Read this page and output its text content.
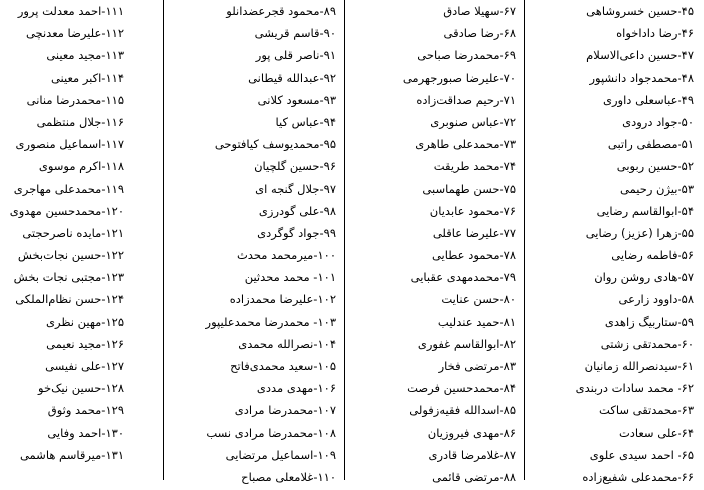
۴۵-حسین خسروشاهی
۴۶-رضا داداخواه
۴۷-حسین داعی‌الاسلام
۴۸-محمدجواد دانشپور
۴۹-عباسعلی داوری
۵۰-جواد درودی
۵۱-مصطفی راتبی
۵۲-حسین ربوبی
۵۳-بیژن رحیمی
۵۴-ابوالقاسم رضایی
۵۵-زهرا (عزیز) رضایی
۵۶-فاطمه رضایی
۵۷-هادی روشن روان
۵۸-داوود زارعی
۵۹-ستاربیگ زاهدی
۶۰-محمدتقی زشتی
۶۱-سیدنصرالله زمانیان
۶۲- محمد سادات دربندی
۶۳-محمدتقی ساکت
۶۴-علی سعادت
۶۵- احمد سیدی علوی
۶۶-محمدعلی شفیع‌زاده
۶۷-سهیلا صادق
۶۸-رضا صادقی
۶۹-محمدرضا صباحی
۷۰-علیرضا صبورجهرمی
۷۱-رحیم صداقت‌زاده
۷۲-عباس صنوبری
۷۳-محمدعلی طاهری
۷۴-محمد طریقت
۷۵-حسن طهماسبی
۷۶-محمود عابدیان
۷۷-علیرضا عاقلی
۷۸-محمود عطایی
۷۹-محمدمهدی عقبایی
۸۰-حسن عنایت
۸۱-حمید عندلیب
۸۲-ابوالقاسم غفوری
۸۳-مرتضی فخار
۸۴-محمدحسین فرصت
۸۵-اسدالله فقیه‌زفولی
۸۶-مهدی فیروزیان
۸۷-غلامرضا قادری
۸۸-مرتضی قائمی
۸۹-محمود قجرعضدانلو
۹۰-قاسم قریشی
۹۱-ناصر قلی پور
۹۲-عبدالله قیطانی
۹۳-مسعود کلانی
۹۴-عباس کیا
۹۵-محمدیوسف کیافتوحی
۹۶-حسین گلچیان
۹۷-جلال گنجه ای
۹۸-علی گودرزی
۹۹-جواد گوگردی
۱۰۰-میرمحمد محدث
۱۰۱- محمد محدثین
۱۰۲-علیرضا محمدزاده
۱۰۳- محمدرضا محمدعلیپور
۱۰۴-نصرالله محمدی
۱۰۵-سعید محمدی‌فاتح
۱۰۶-مهدی مددی
۱۰۷-محمدرضا مرادی
۱۰۸-محمدرضا مرادی نسب
۱۰۹-اسماعیل مرتضایی
۱۱۰-غلامعلی مصباح
۱۱۱-احمد معدلت پرور
۱۱۲-علیرضا معدنچی
۱۱۳-مجید معینی
۱۱۴-اکبر معینی
۱۱۵-محمدرضا منانی
۱۱۶-جلال منتظمی
۱۱۷-اسماعیل منصوری
۱۱۸-اکرم موسوی
۱۱۹-محمدعلی مهاجری
۱۲۰-محمدحسین مهدوی
۱۲۱-مایده ناصرحجتی
۱۲۲-حسین نجات‌بخش
۱۲۳-مجتبی نجات بخش
۱۲۴-حسن نظام‌الملکی
۱۲۵-مهین نظری
۱۲۶-مجید نعیمی
۱۲۷-علی نفیسی
۱۲۸-حسین نیک‌خو
۱۲۹-محمد وثوق
۱۳۰-احمد وفایی
۱۳۱-میرقاسم هاشمی
